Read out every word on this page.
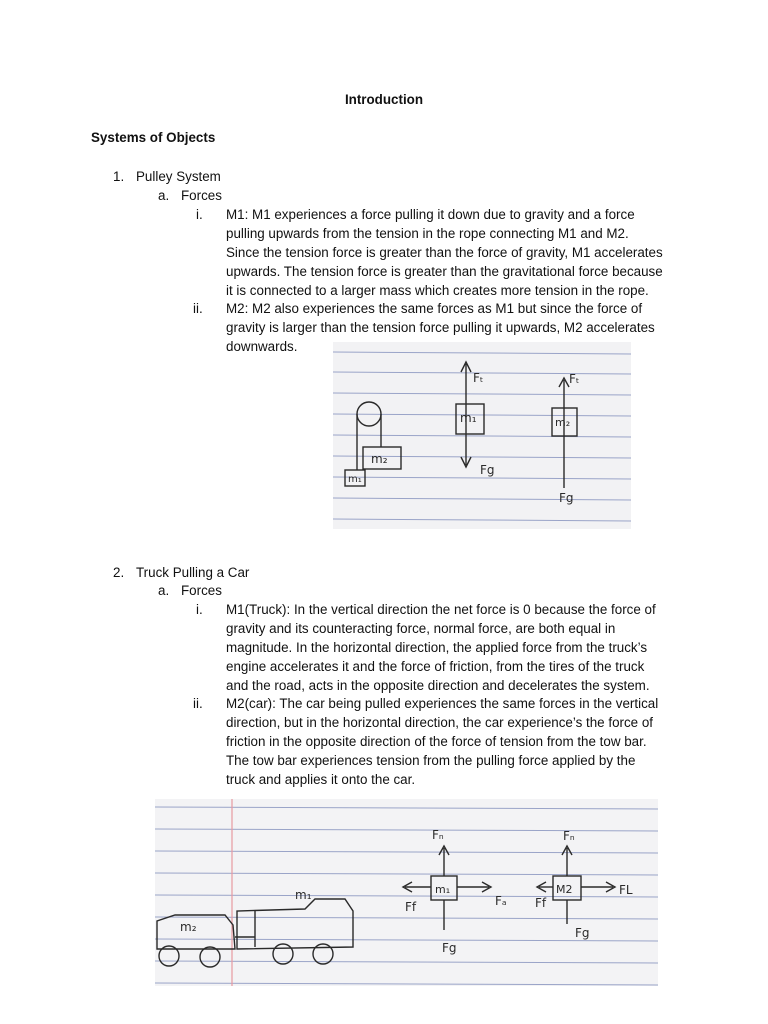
Introduction
Systems of Objects
1. Pulley System
a. Forces
i. M1: M1 experiences a force pulling it down due to gravity and a force
pulling upwards from the tension in the rope connecting M1 and M2.
Since the tension force is greater than the force of gravity, M1 accelerates
upwards. The tension force is greater than the gravitational force because
it is connected to a larger mass which creates more tension in the rope.
ii. M2: M2 also experiences the same forces as M1 but since the force of
gravity is larger than the tension force pulling it upwards, M2 accelerates
downwards.
m₂
m₁
Fₜ
Fg
m₁
Fₜ
m₂
Fg
2. Truck Pulling a Car
a. Forces
i. M1(Truck): In the vertical direction the net force is 0 because the force of
gravity and its counteracting force, normal force, are both equal in
magnitude. In the horizontal direction, the applied force from the truck’s
engine accelerates it and the force of friction, from the tires of the truck
and the road, acts in the opposite direction and decelerates the system.
ii. M2(car): The car being pulled experiences the same forces in the vertical
direction, but in the horizontal direction, the car experience’s the force of
friction in the opposite direction of the force of tension from the tow bar.
The tow bar experiences tension from the pulling force applied by the
truck and applies it onto the car.
m₁
m₂
Fₙ
Ff	Fₐ
Fg
m₁
Fₙ
Ff
FL
Fg
M2
